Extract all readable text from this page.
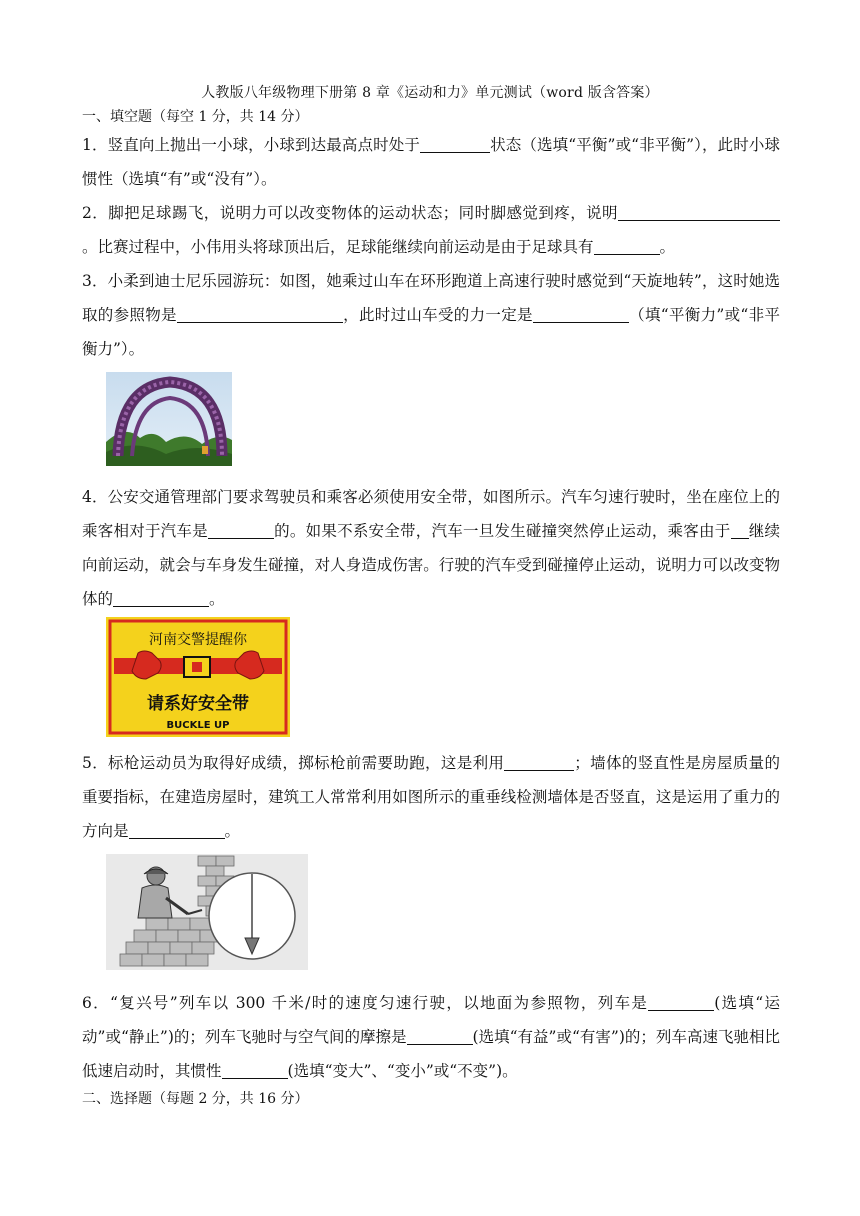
人教版八年级物理下册第 8 章《运动和力》单元测试（word 版含答案）
一、填空题（每空 1 分，共 14 分）
1．竖直向上抛出一小球，小球到达最高点时处于	状态（选填“平衡”或“非平衡”），此时小球惯性（选填“有”或“没有”）。
2．脚把足球踢飞，说明力可以改变物体的运动状态；同时脚感觉到疼，说明。比赛过程中，小伟用头将球顶出后，足球能继续向前运动是由于足球具有	。
3．小柔到迪士尼乐园游玩：如图，她乘过山车在环形跑道上高速行驶时感觉到“天旋地转”，这时她选取的参照物是	，此时过山车受的力一定是	（填“平衡力”或“非平衡力”）。
4．公安交通管理部门要求驾驶员和乘客必须使用安全带，如图所示。汽车匀速行驶时，坐在座位上的乘客相对于汽车是	的。如果不系安全带，汽车一旦发生碰撞突然停止运动，乘客由于 继续向前运动，就会与车身发生碰撞，对人身造成伤害。行驶的汽车受到碰撞停止运动，说明力可以改变物体的	。
河南交警提醒你
请系好安全带
BUCKLE UP
5．标枪运动员为取得好成绩，掷标枪前需要助跑，这是利用	；墙体的竖直性是房屋质量的重要指标，在建造房屋时，建筑工人常常利用如图所示的重垂线检测墙体是否竖直，这是运用了重力的方向是	。
6．“复兴号”列车以 300 千米/时的速度匀速行驶，以地面为参照物，列车是	(选填“运动”或“静止”)的；列车飞驰时与空气间的摩擦是	(选填“有益”或“有害”)的；列车高速飞驰相比低速启动时，其惯性	(选填“变大”、“变小”或“不变”)。
二、选择题（每题 2 分，共 16 分）
